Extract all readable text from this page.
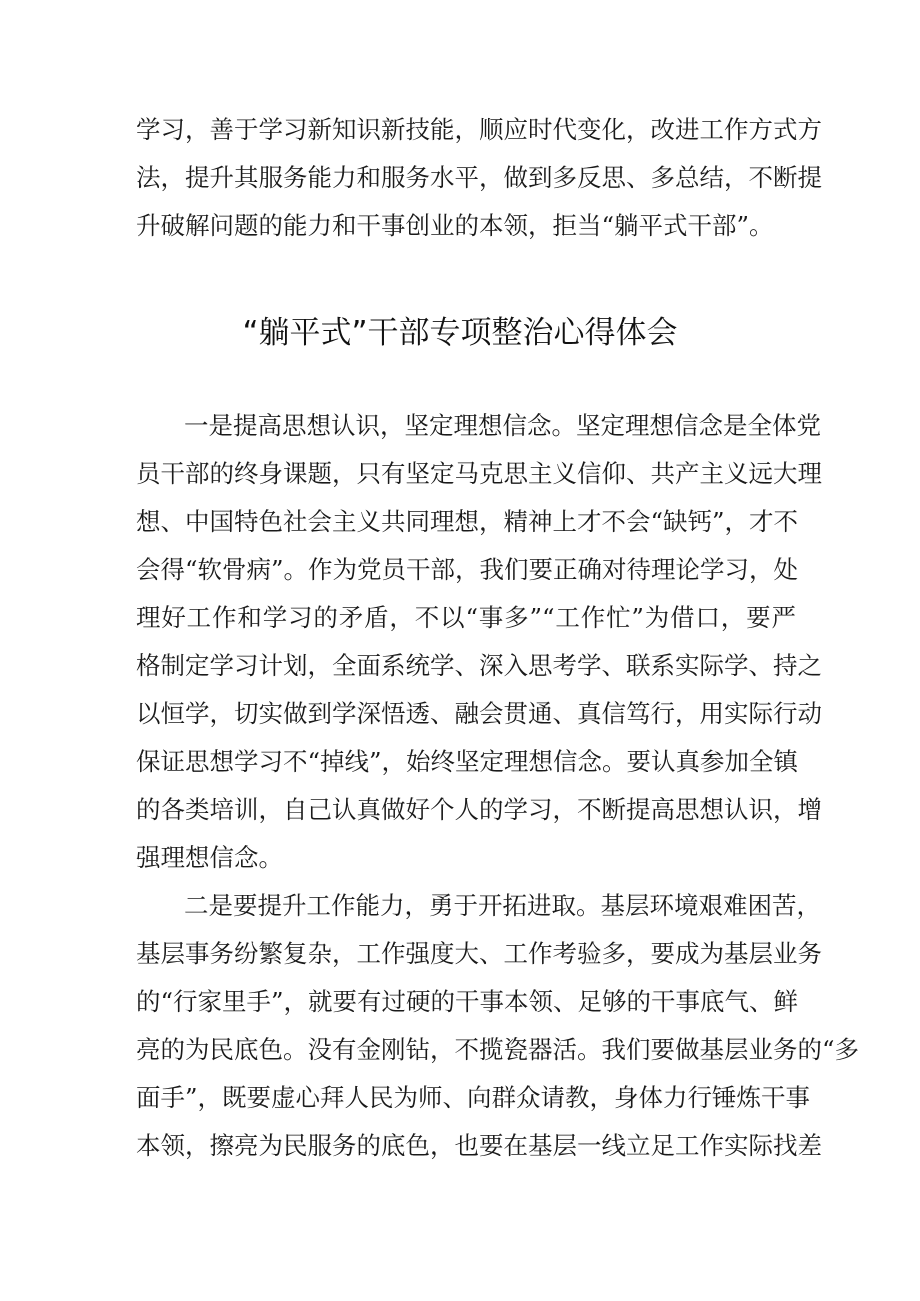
学习，善于学习新知识新技能，顺应时代变化，改进工作方式方
法，提升其服务能力和服务水平，做到多反思、多总结，不断提
升破解问题的能力和干事创业的本领，拒当“躺平式干部”。
“躺平式”干部专项整治心得体会
一是提高思想认识，坚定理想信念。坚定理想信念是全体党
员干部的终身课题，只有坚定马克思主义信仰、共产主义远大理
想、中国特色社会主义共同理想，精神上才不会“缺钙”，才不
会得“软骨病”。作为党员干部，我们要正确对待理论学习，处
理好工作和学习的矛盾，不以“事多”“工作忙”为借口，要严
格制定学习计划，全面系统学、深入思考学、联系实际学、持之
以恒学，切实做到学深悟透、融会贯通、真信笃行，用实际行动
保证思想学习不“掉线”，始终坚定理想信念。要认真参加全镇
的各类培训，自己认真做好个人的学习，不断提高思想认识，增
强理想信念。
二是要提升工作能力，勇于开拓进取。基层环境艰难困苦，
基层事务纷繁复杂，工作强度大、工作考验多，要成为基层业务
的“行家里手”，就要有过硬的干事本领、足够的干事底气、鲜
亮的为民底色。没有金刚钻，不揽瓷器活。我们要做基层业务的“多
面手”，既要虚心拜人民为师、向群众请教，身体力行锤炼干事
本领，擦亮为民服务的底色，也要在基层一线立足工作实际找差
